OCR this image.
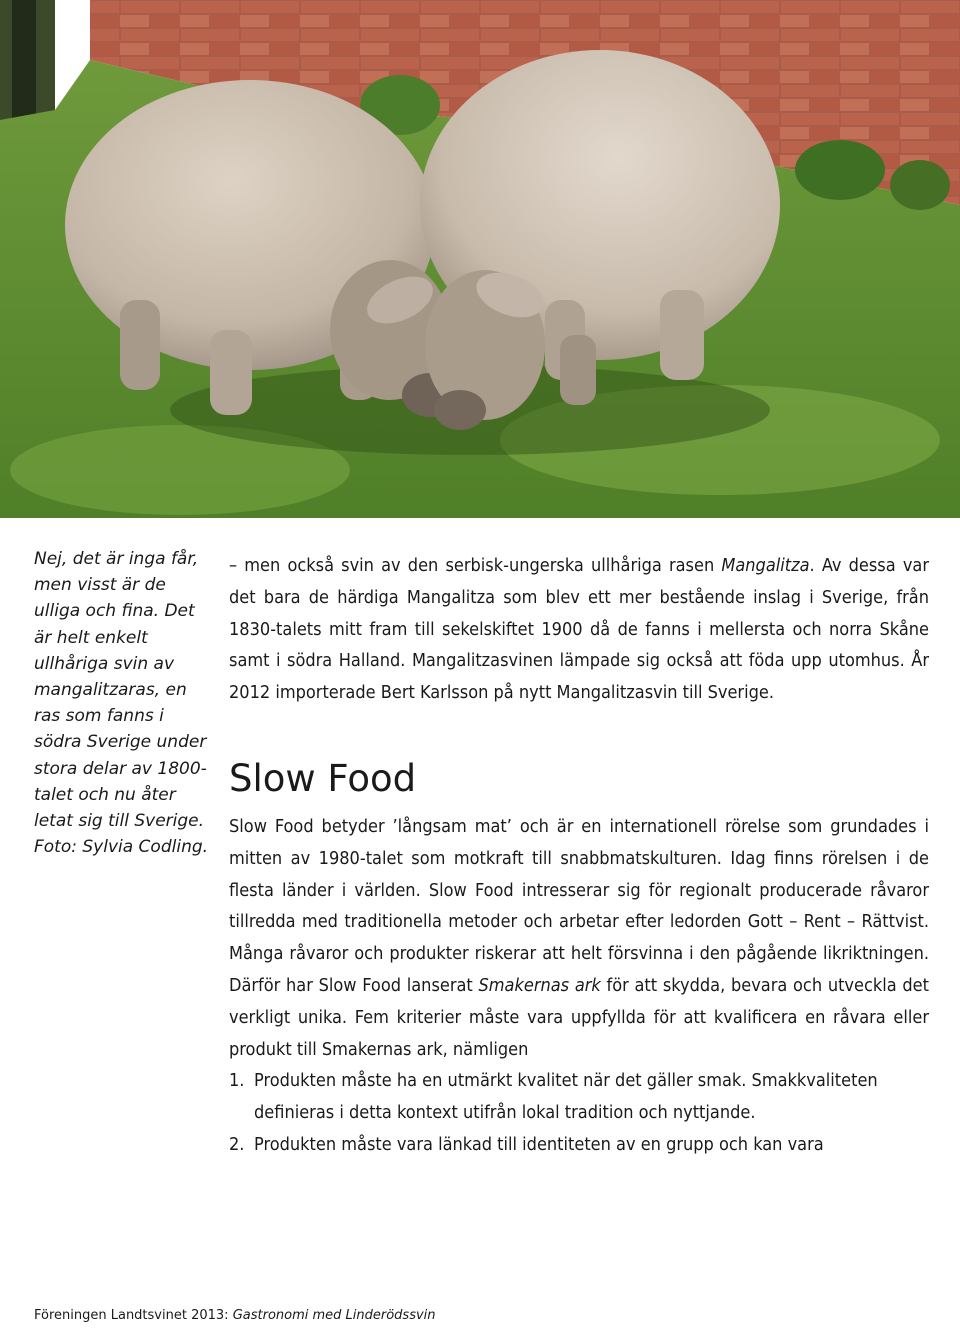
Nej, det är inga får, men visst är de ulliga och fina. Det är helt enkelt ullhåriga svin av mangalitzaras, en ras som fanns i södra Sverige under stora delar av 1800-talet och nu åter letat sig till Sverige. Foto: Sylvia Codling.

– men också svin av den serbisk-ungerska ullhåriga rasen Mangalitza. Av dessa var det bara de härdiga Mangalitza som blev ett mer bestående inslag i Sverige, från 1830-talets mitt fram till sekelskiftet 1900 då de fanns i mellersta och norra Skåne samt i södra Halland. Mangalitzasvinen lämpade sig också att föda upp utomhus. År 2012 importerade Bert Karlsson på nytt Mangalitzasvin till Sverige.

Slow Food

Slow Food betyder ’långsam mat’ och är en internationell rörelse som grundades i mitten av 1980-talet som motkraft till snabbmatskulturen. Idag finns rörelsen i de flesta länder i världen. Slow Food intresserar sig för regionalt producerade råvaror tillredda med traditionella metoder och arbetar efter ledorden Gott – Rent – Rättvist. Många råvaror och produkter riskerar att helt försvinna i den pågående likriktningen. Därför har Slow Food lanserat Smakernas ark för att skydda, bevara och utveckla det verkligt unika. Fem kriterier måste vara uppfyllda för att kvalificera en råvara eller produkt till Smakernas ark, nämligen

1. Produkten måste ha en utmärkt kvalitet när det gäller smak. Smakkvaliteten definieras i detta kontext utifrån lokal tradition och nyttjande.
2. Produkten måste vara länkad till identiteten av en grupp och kan vara
Föreningen Landtsvinet 2013: Gastronomi med Linderödssvin
